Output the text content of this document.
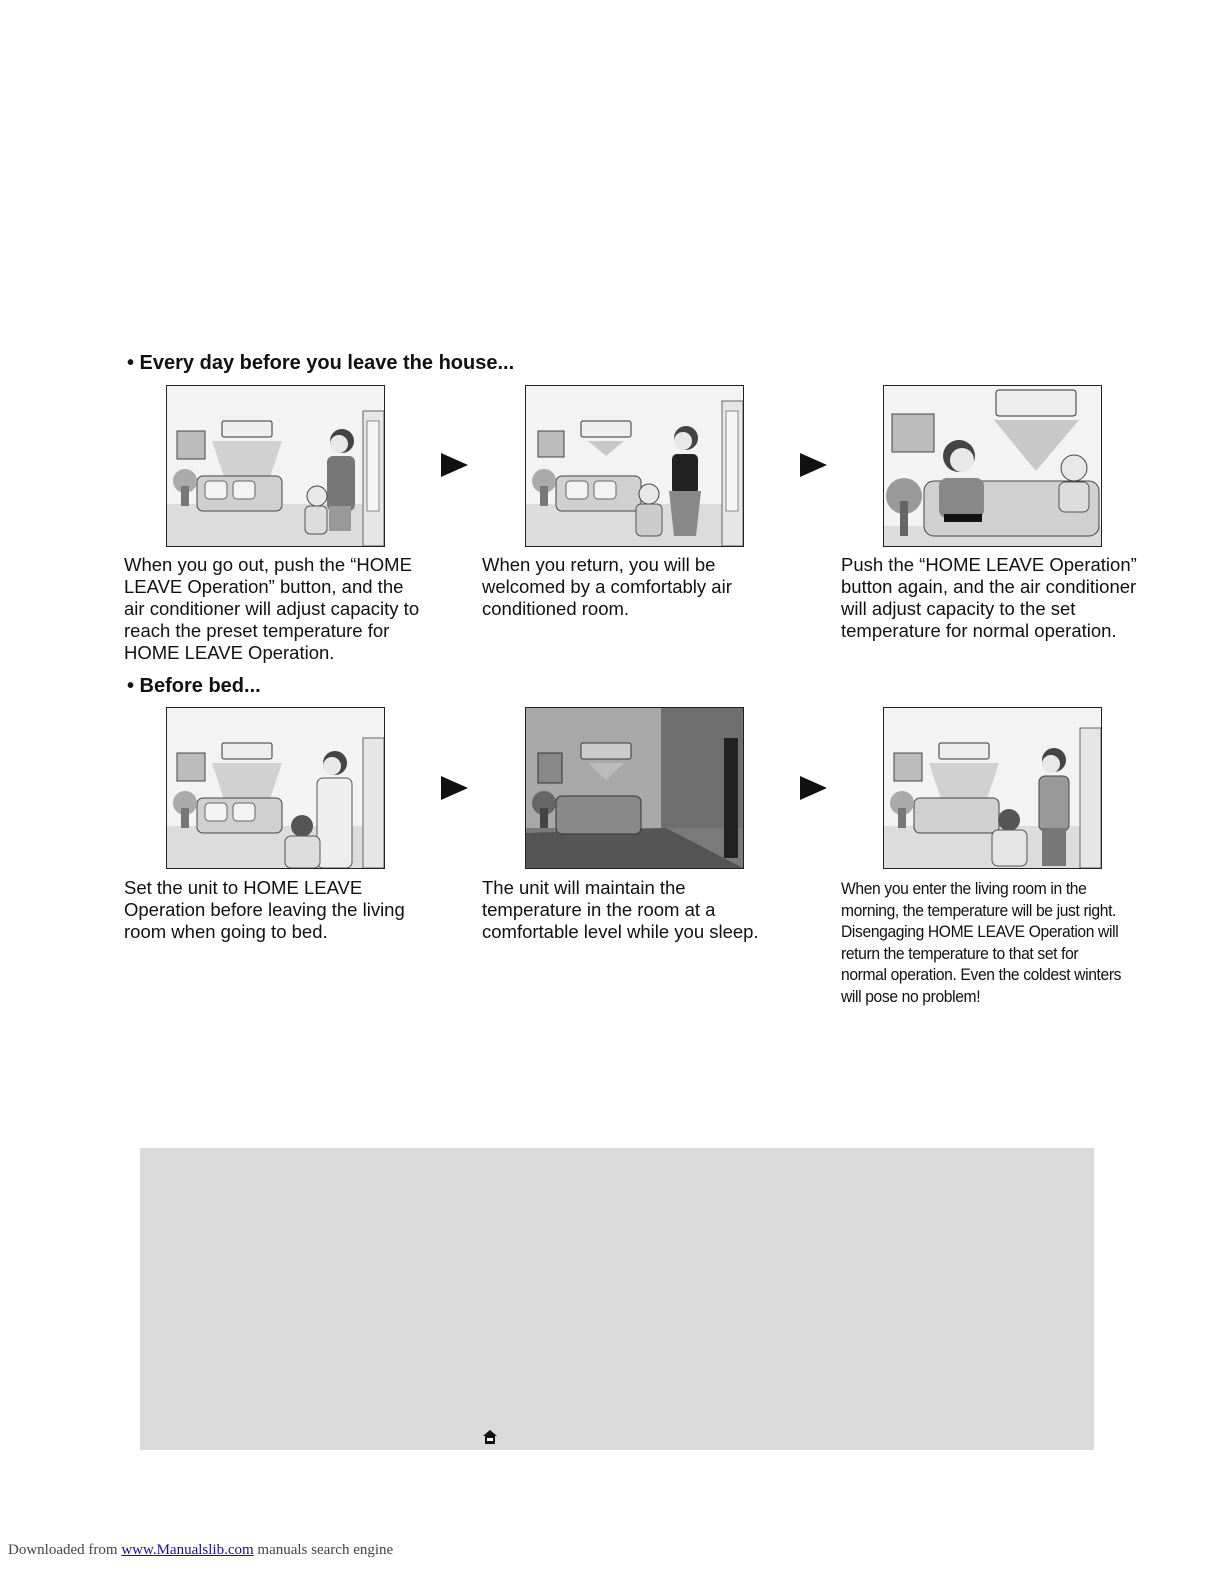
• Every day before you leave the house...
When you go out, push the “HOME LEAVE Operation” button, and the air conditioner will adjust capacity to reach the preset temperature for HOME LEAVE Operation.
When you return, you will be welcomed by a comfortably air conditioned room.
Push the “HOME LEAVE Operation” button again, and the air conditioner will adjust capacity to the set temperature for normal operation.
• Before bed...
Set the unit to HOME LEAVE Operation before leaving the living room when going to bed.
The unit will maintain the temperature in the room at a comfortable level while you sleep.
When you enter the living room in the morning, the temperature will be just right. Disengaging HOME LEAVE Operation will return the temperature to that set for normal operation. Even the coldest winters will pose no problem!
Downloaded from www.Manualslib.com manuals search engine
